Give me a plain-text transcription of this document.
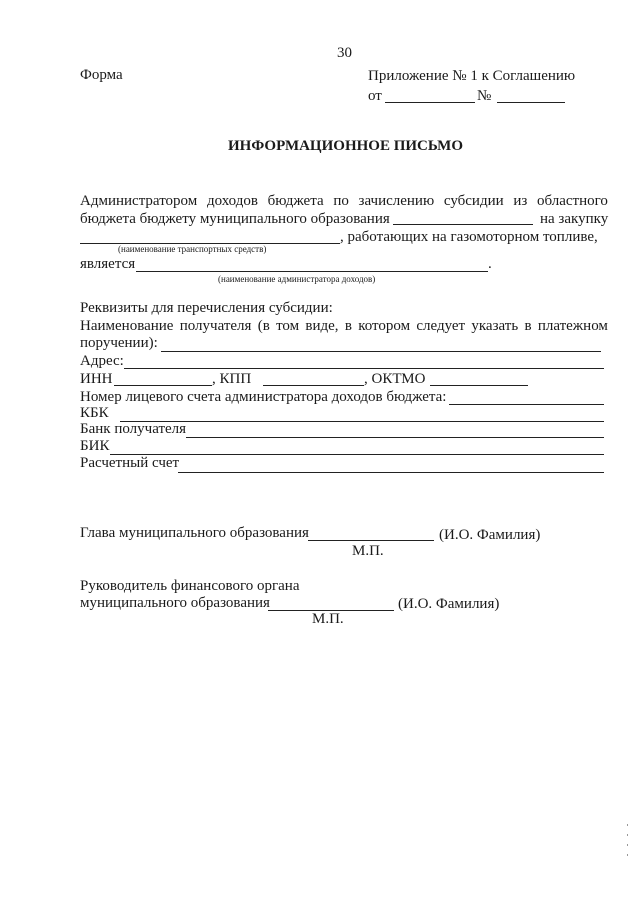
30
Форма	Приложение № 1 к Соглашению
от	№
ИНФОРМАЦИОННОЕ ПИСЬМО
Администратором доходов бюджета по зачислению субсидии из областного
бюджета бюджету муниципального образования	на закупку
, работающих на газомоторном топливе,
(наименование транспортных средств)
является	.
(наименование администратора доходов)
Реквизиты для перечисления субсидии:
Наименование получателя (в том виде, в котором следует указать в платежном
поручении):
Адрес:
ИНН	, КПП	, ОКТМО
Номер лицевого счета администратора доходов бюджета:
КБК
Банк получателя
БИК
Расчетный счет
Глава муниципального образования	(И.О. Фамилия)
М.П.
Руководитель финансового органа
муниципального образования	(И.О. Фамилия)
М.П.
